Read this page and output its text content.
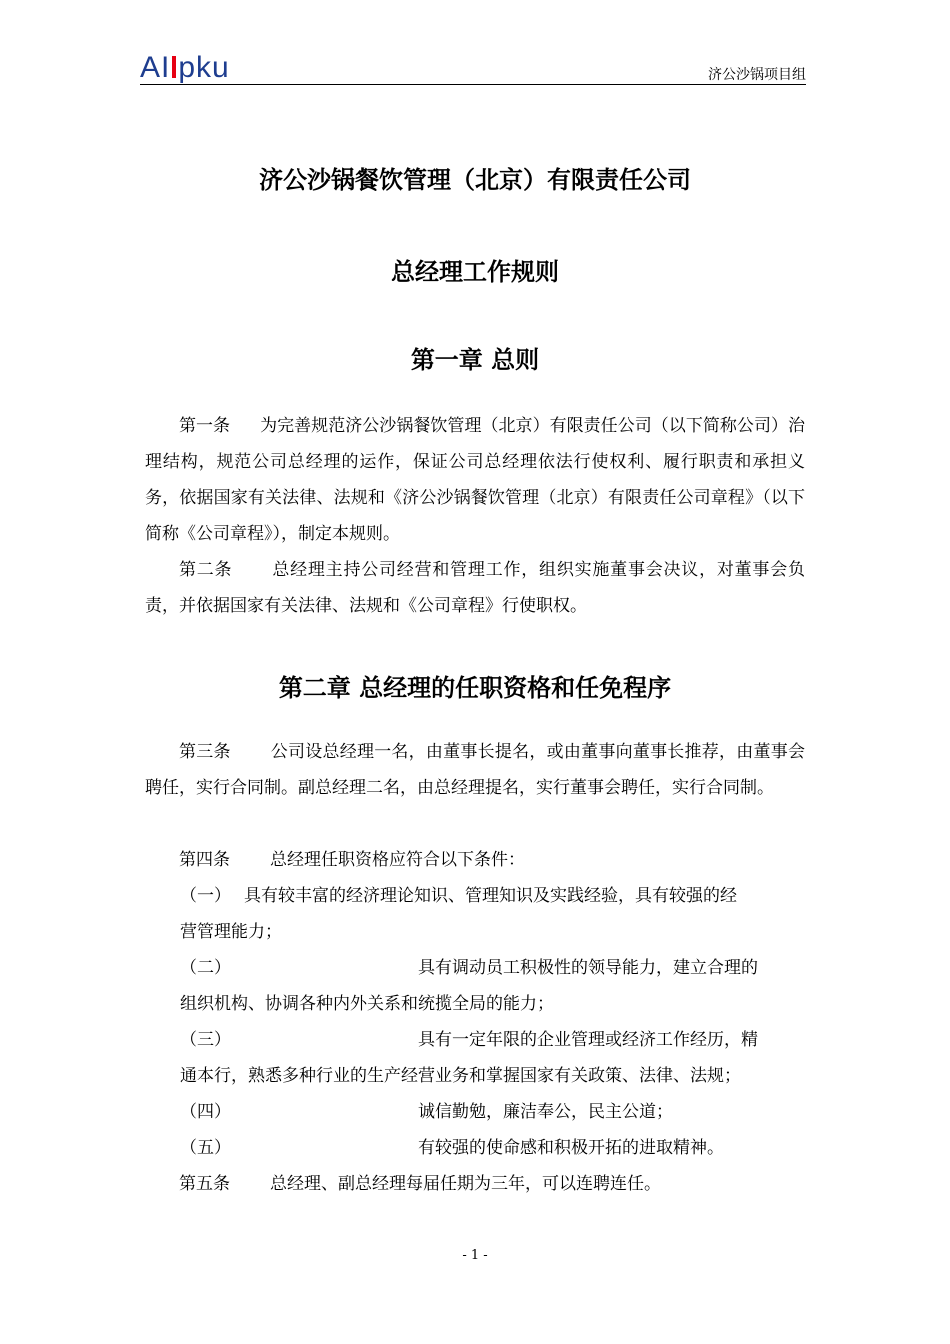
AI pku	济公沙锅项目组
济公沙锅餐饮管理（北京）有限责任公司
总经理工作规则
第一章 总则
第一条 为完善规范济公沙锅餐饮管理（北京）有限责任公司（以下简称公司）治理结构，规范公司总经理的运作，保证公司总经理依法行使权利、履行职责和承担义务，依据国家有关法律、法规和《济公沙锅餐饮管理（北京）有限责任公司章程》（以下简称《公司章程》），制定本规则。
第二条 总经理主持公司经营和管理工作，组织实施董事会决议，对董事会负责，并依据国家有关法律、法规和《公司章程》行使职权。
第二章 总经理的任职资格和任免程序
第三条 公司设总经理一名，由董事长提名，或由董事向董事长推荐，由董事会聘任，实行合同制。副总经理二名，由总经理提名，实行董事会聘任，实行合同制。
第四条 总经理任职资格应符合以下条件：
（一） 具有较丰富的经济理论知识、管理知识及实践经验，具有较强的经
营管理能力；
（二）	具有调动员工积极性的领导能力，建立合理的
组织机构、协调各种内外关系和统揽全局的能力；
（三）	具有一定年限的企业管理或经济工作经历，精
通本行，熟悉多种行业的生产经营业务和掌握国家有关政策、法律、法规；
（四）	诚信勤勉，廉洁奉公，民主公道；
（五）	有较强的使命感和积极开拓的进取精神。
第五条 总经理、副总经理每届任期为三年，可以连聘连任。
- 1 -
